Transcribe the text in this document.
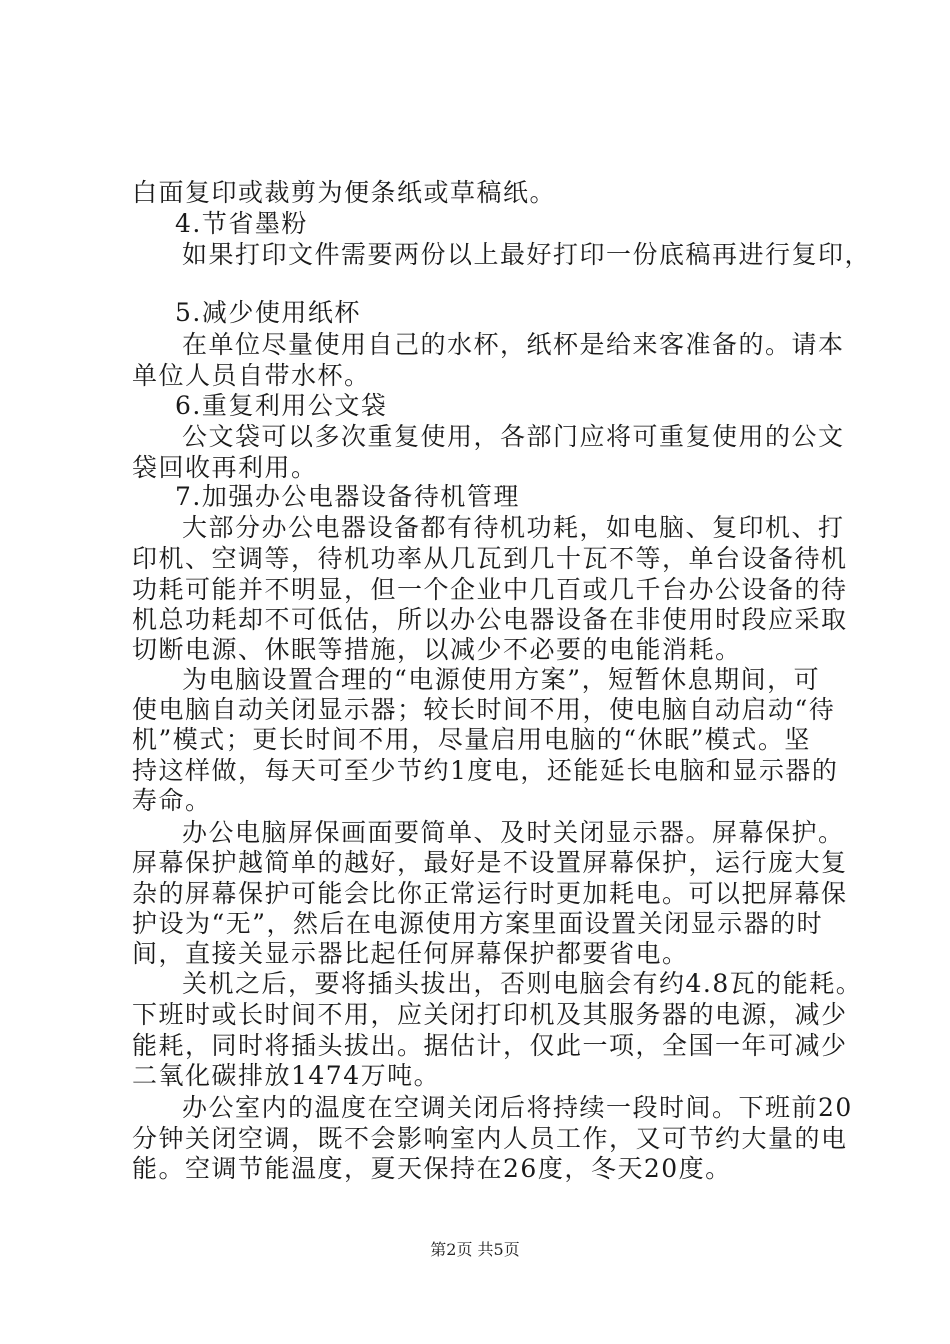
白面复印或裁剪为便条纸或草稿纸。
4.节省墨粉
如果打印文件需要两份以上最好打印一份底稿再进行复印，
5.减少使用纸杯
在单位尽量使用自己的水杯，纸杯是给来客准备的。请本
单位人员自带水杯。
6.重复利用公文袋
公文袋可以多次重复使用，各部门应将可重复使用的公文
袋回收再利用。
7.加强办公电器设备待机管理
大部分办公电器设备都有待机功耗，如电脑、复印机、打
印机、空调等，待机功率从几瓦到几十瓦不等，单台设备待机
功耗可能并不明显，但一个企业中几百或几千台办公设备的待
机总功耗却不可低估，所以办公电器设备在非使用时段应采取
切断电源、休眠等措施，以减少不必要的电能消耗。
为电脑设置合理的“电源使用方案”，短暂休息期间，可
使电脑自动关闭显示器；较长时间不用，使电脑自动启动“待
机”模式；更长时间不用，尽量启用电脑的“休眠”模式。坚
持这样做，每天可至少节约1度电，还能延长电脑和显示器的
寿命。
办公电脑屏保画面要简单、及时关闭显示器。屏幕保护。
屏幕保护越简单的越好，最好是不设置屏幕保护，运行庞大复
杂的屏幕保护可能会比你正常运行时更加耗电。可以把屏幕保
护设为“无”，然后在电源使用方案里面设置关闭显示器的时
间，直接关显示器比起任何屏幕保护都要省电。
关机之后，要将插头拔出，否则电脑会有约4.8瓦的能耗。
下班时或长时间不用，应关闭打印机及其服务器的电源，减少
能耗，同时将插头拔出。据估计，仅此一项，全国一年可减少
二氧化碳排放1474万吨。
办公室内的温度在空调关闭后将持续一段时间。下班前20
分钟关闭空调，既不会影响室内人员工作，又可节约大量的电
能。空调节能温度，夏天保持在26度，冬天20度。
第2页 共5页
